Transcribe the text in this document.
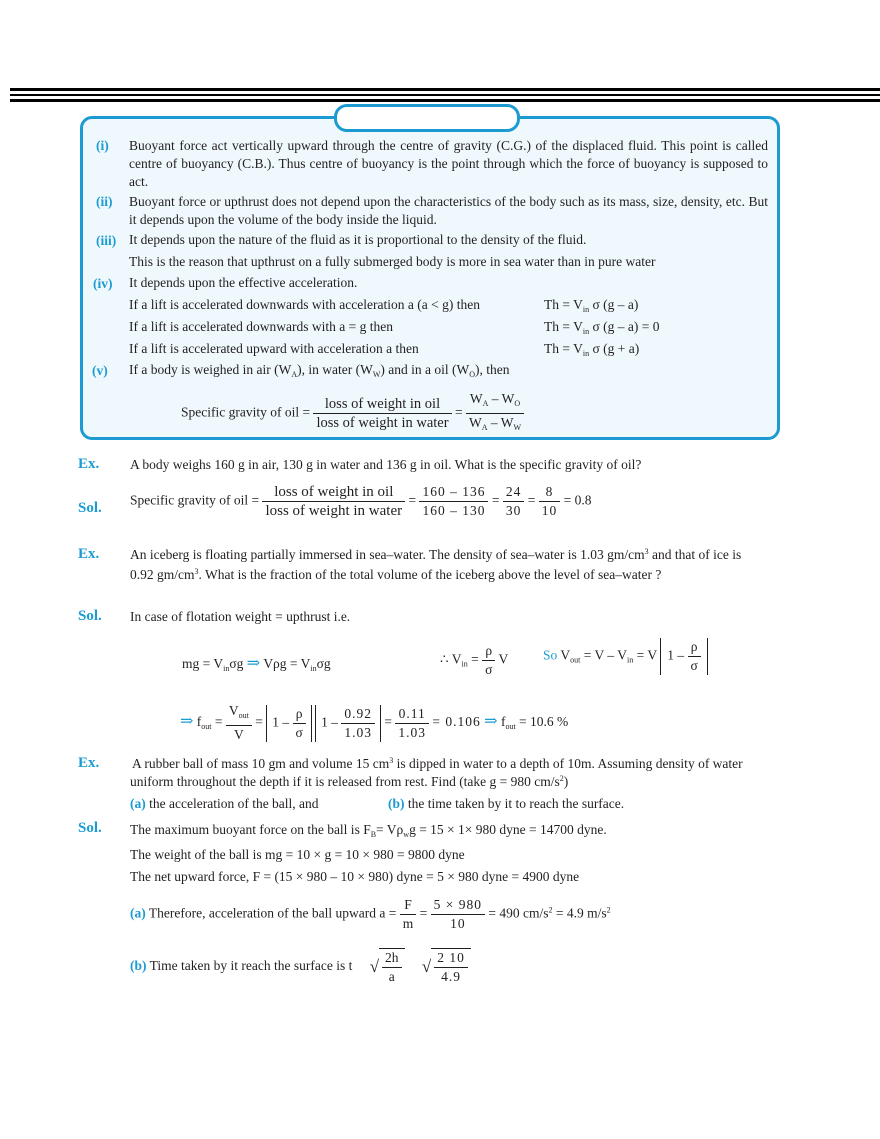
(i) Buoyant force act vertically upward through the centre of gravity (C.G.) of the displaced fluid. This point is called centre of buoyancy (C.B.). Thus centre of buoyancy is the point through which the force of buoyancy is supposed to act.
(ii) Buoyant force or upthrust does not depend upon the characteristics of the body such as its mass, size, density, etc. But it depends upon the volume of the body inside the liquid.
(iii) It depends upon the nature of the fluid as it is proportional to the density of the fluid.
This is the reason that upthrust on a fully submerged body is more in sea water than in pure water
(iv) It depends upon the effective acceleration.
If a lift is accelerated downwards with acceleration a (a < g) then	$Th = V_{in}$ σ (g – a)
If a lift is accelerated downwards with a = g then	$Th = V_{in}$ σ (g – a) = 0
If a lift is accelerated upward with acceleration a then	$Th = V_{in}$ σ (g + a)
(v) If a body is weighed in air $(W_A)$, in water $(W_W)$ and in a oil $(W_O)$, then
Specific gravity of oil = $\frac{\text{loss of weight in oil}}{\text{loss of weight in water}} = \frac{W_A - W_O}{W_A - W_W}$
Ex. A body weighs 160 g in air, 130 g in water and 136 g in oil. What is the specific gravity of oil?
Sol. Specific gravity of oil = $\frac{\text{loss of weight in oil}}{\text{loss of weight in water}} = \frac{160 - 136}{160 - 130} = \frac{24}{30} = \frac{8}{10} = 0.8$
Ex. An iceberg is floating partially immersed in sea–water. The density of sea–water is 1.03 $gm/cm^3$ and that of ice is
0.92 $gm/cm^3$. What is the fraction of the total volume of the iceberg above the level of sea–water ?
Sol. In case of flotation weight = upthrust i.e.
mg = $V_{in}\sigma g$ ⇒ $V\rho g = V_{in}\sigma g$	∴ $V_{in} = \frac{\rho}{\sigma}$ V	So $V_{out} = V - V_{in} = V$ $1 - \frac{\rho}{\sigma}$
⇒ $f_{out} = \frac{V_{out}}{V} = 1 - \frac{\rho}{\sigma} 1 - \frac{0.92}{1.03} = \frac{0.11}{1.03} = 0.106$ ⇒ $f_{out} = 10.6$ %
Ex. A rubber ball of mass 10 gm and volume 15 $cm^3$ is dipped in water to a depth of 10m. Assuming density of water
uniform throughout the depth if it is released from rest. Find (take g = 980 $cm/s^2$)
(a) the acceleration of the ball, and	(b) the time taken by it to reach the surface.
Sol. The maximum buoyant force on the ball is $F_B= V\rho_wg = 15 \times 1\times 980$ dyne = 14700 dyne.
The weight of the ball is mg = 10 × g = 10 × 980 = 9800 dyne
The net upward force, F = (15 × 980 – 10 × 980) dyne = 5 × 980 dyne = 4900 dyne
(a) Therefore, acceleration of the ball upward $a = \frac{F}{m} = \frac{5 \times 980}{10} = 490$ $cm/s^2 = 4.9$ $m/s^2$
(b) Time taken by it reach the surface is t √ $\frac{2h}{a}$ √ $\frac{2 10}{4.9}$
